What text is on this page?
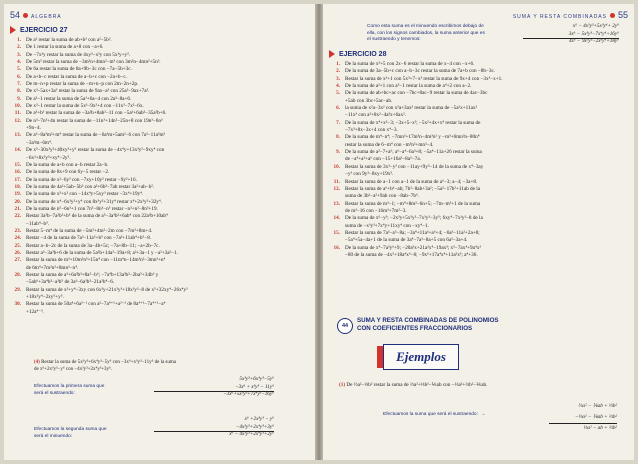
54 ALGEBRA
EJERCICIO 27
1. De a² restar la suma de ab+b² con a²−5b².
2. De 1 restar la suma de a+8 con −a+6.
3. De −7x³y restar la suma de 4xy³−x²y con 5x³y+y³.
4. De 5m³ restar la suma de −3m²n+4mn²−m³ con 3m²n−4mn²+5n³.
5. De 6a restar la suma de 8a+9b−3c con −7a−5b+3c.
6. De a+b−c restar la suma de a−b+c con −2a+b−c.
7. De m−n+p restar la suma de −m+n−p con 2m−2n+2p.
8. De x³−5ax+3a³ restar la suma de 9ax−a³ con 25a²−9ax+7a³.
9. De a³−1 restar la suma de 5a³+6a−4 con 2a³−8a+6.
10. De x³−1 restar la suma de 5x³−9x²+4 con −11x³−7x²−6x.
11. De a³+b³ restar la suma de −3a²b+8ab²−11 con −5a³+6ab²−35a²b+6.
12. De n³−7n³+4n restar la suma de −11n³+14n²−25n+8 con 19n³−6n³
+9n−4.
13. De a⁶−8a³m²+m⁴ restar la suma de −6a³m+5am²−6 con 7a³−11a²m³
−3a³m−6m⁴.
14. De x⁵−30x²y²+40xy³+y⁵ restar la suma de −4x⁴y+13x³y²−9xy⁴ con
−6x³+8x²y³+xy⁴−2y⁵.
15. De la suma de a+b con a−b restar 2a−b.
16. De la suma de 8x+9 con 6y−5 restar −2.
17. De la suma de x²−6y³ con −7xy+10y² restar −9y³+16.
18. De la suma de 4a²+5ab−5b² con a²+6b²−7ab restar 3a²+ab−b².
19. De la suma de x³+x² con −14x⁴y+5xy³ restar −3x⁴+19y⁴.
20. De la suma de x⁴−6x³y²+y⁴ con 8x³y²+31y⁴ restar x⁴+2x³y²+32y⁴.
21. De la suma de n⁵−6n³+1 con 7n⁵−8n³−n⁵ restar −n³+n²−8n³+19.
22. Restar 3a³b−7a²b³+b⁵ de la suma de a⁵−3a³b²+6ab⁴ con 22a³b+10ab⁴
−11ab⁴−b⁵.
23. Restar 5−m⁴ de la suma de −5m³+4m²−2m con −7m³+8m+4.
24. Restar −4 de la suma de 7a³−11a⁵+b⁵ con −7a³+11ab⁴+b⁵−8.
25. Restar a−b−2c de la suma de 3a−4b+5c; −7a+8b−11; −a+2b−7c.
26. Restar a³−3a²b+6 de la suma de 5a²b+14a²−19a+8; a²+3a−1 y −a²+3a²−1.
27. Restar la suma de m³+10m²n³+15n⁴ con −11m⁴n−14m³n²−3mn³+n⁴
de 6m⁴+7m³n²+8mn³−n⁴.
28. Restar la suma de a⁵+6a³b³+8a⁵−b⁶; −7a⁴b+13a³b²−2ba⁵+34b⁶ y
−5ab⁶+3a⁴b³−a³b⁵ de 3a⁶−6a³b³−21a²b⁴−6.
29. Restar la suma de x²+y⁴−3xy con 6x³y+21x²y³+18x²y³−8 de x⁵+32xy⁴−26x⁴y²
+18x²y⁴−2xy⁵+y⁵.
30. Restar la suma de 50a⁴+6a²⁻¹ con a²−7a⁴⁺¹+a²⁻³ de 8a⁴⁺¹−7a⁴⁺¹−a⁴
+12a⁴⁻³.
(4) Restar la suma de 5x³y³+6x⁴y³−5y⁶ con −3x⁶+x³y³−11y⁶ de la suma
de x⁶+2x³y³−y⁶ con −4x³y³+2x⁴y³+3y⁶.
Efectuamos la primera suma que será el sustraendo:
5x³y³+6x⁴y³−5y⁶
−3x⁶ + x³y³ − 11y⁶
−3x⁶+5x³y³+7x⁴y³−16y⁶
Efectuamos la segunda suma que será el minuendo:
x⁶ +2x³y³ − y⁶
−4x³y³+2x⁴y³+3y⁶
x⁶ − 4x³y³+2x⁴y³+2y⁶
SUMA Y RESTA COMBINADAS 55
Como esta suma es el minuendo escribimos debajo de ella, con los signos cambiados, la suma anterior que es el sustraendo y tenemos:
x⁶ − 4x³y³+5x³y⁴+ 2y⁶
3x⁶ − 5x³y³−7x⁴y⁴+16y⁶
4x⁶ − 9x³y³−2x³y⁴+18y⁶
EJERCICIO 28
1. De la suma de x³+5 con 2x−6 restar la suma de x−4 con −x+6.
2. De la suma de 3a−5b+c con a−b−3c restar la suma de 7a+b con −8b−3c.
3. Restar la suma de x³+1 con 5x³+7−x³ restar la suma de 9x+4 con −3x³−x+1.
4. De la suma de a²+1 con a⁵−1 restar la suma de a⁴+2 con a−2.
5. De la suma de ab+bc+ac con −7bc+8ac−9 restar la suma de 4ac−3bc
+5ab con 3bc+5ac−ab.
6. la suma de x²a−3x² con x³a+3ax² restar la suma de −5a²x+11ax²
−11x³ con a³+8x²−4a²x+6ax².
7. De la suma de x⁴+x²−3; −3x+5−x³; −5x²+4x+x⁴ restar la suma de
−7x³+8x−3x+4 con x⁴−3.
8. De la suma de m⁴−n⁴; −7mn³+17m³n−4m³n² y −m³+6mn³n−80n⁴
restar la suma de 6−m⁴ con −m³n²+mn³−4.
9. De la suma de a²−7+a⁶; a⁶−a⁴−6a³+8; −5a⁴−11a+26 restar la suma
de −a⁴+a³+a⁶ con −15+16a³−8a⁵−7a.
10. Restar la suma de 3x³−y³ con −11ay+9y³−14 de la suma de x⁴−3ay
−y³ con 9y³−8xy+19x³.
11. Restar la suma de a−1 con a−1 de la suma de a⁶−3; a−4; −3a+8.
12. Restar la suma de a⁶+b⁶−ab; 7b²−8ab+3a²; −5a²−17b²+11ab de la
suma de 3b²−a²+9ab con −8ab−7b⁶.
13. Restar la suma de m³−1; −m⁴+8m²−6n+5; −7m−m³+1 de la suma
de m³−16 con −16m³+7m²−3.
14. De la suma de x⁶−y³; −2x³y+5x³y²−7x³y³−3y⁵; 6xy⁴−7x³y²−8 de la
suma de −x³y³+7x⁴y+11xy⁴ con −xy⁴−1.
15. Restar la suma de 7a³−a⁵−8a; −3a⁴+11a³+a⁶+4; −6a³−11a²+2a+8;
−5a⁴+5a−4a+1 de la suma de 3a⁴−7a³−8a+5 con 6a³−3a+4.
16. De la suma de x⁴−7a³y⁶+9; −20a³x+21a²x⁴−19ax³; x⁵−7ax⁴+9a⁴x³
−80 de la suma de −4x⁵+18a⁴x⁶−8; −9x⁶+17a⁴x⁴+11a³x³; a⁴+36.
44
SUMA Y RESTA COMBINADAS DE POLINOMIOS
CON COEFICIENTES FRACCIONARIOS
Ejemplos
(1) De ½a²−⅓b² restar la suma de ⅔a²+⅓b²−⅙ab con −⅓a²+⅔b²−⅙ab.
Efectuamos la suma que será el sustraendo:  →
⅔a² − ⅙ab + ⅓b²
−⅓a² − ⅙ab + ⅔b²
⅓a² − ab + ⅔b²
